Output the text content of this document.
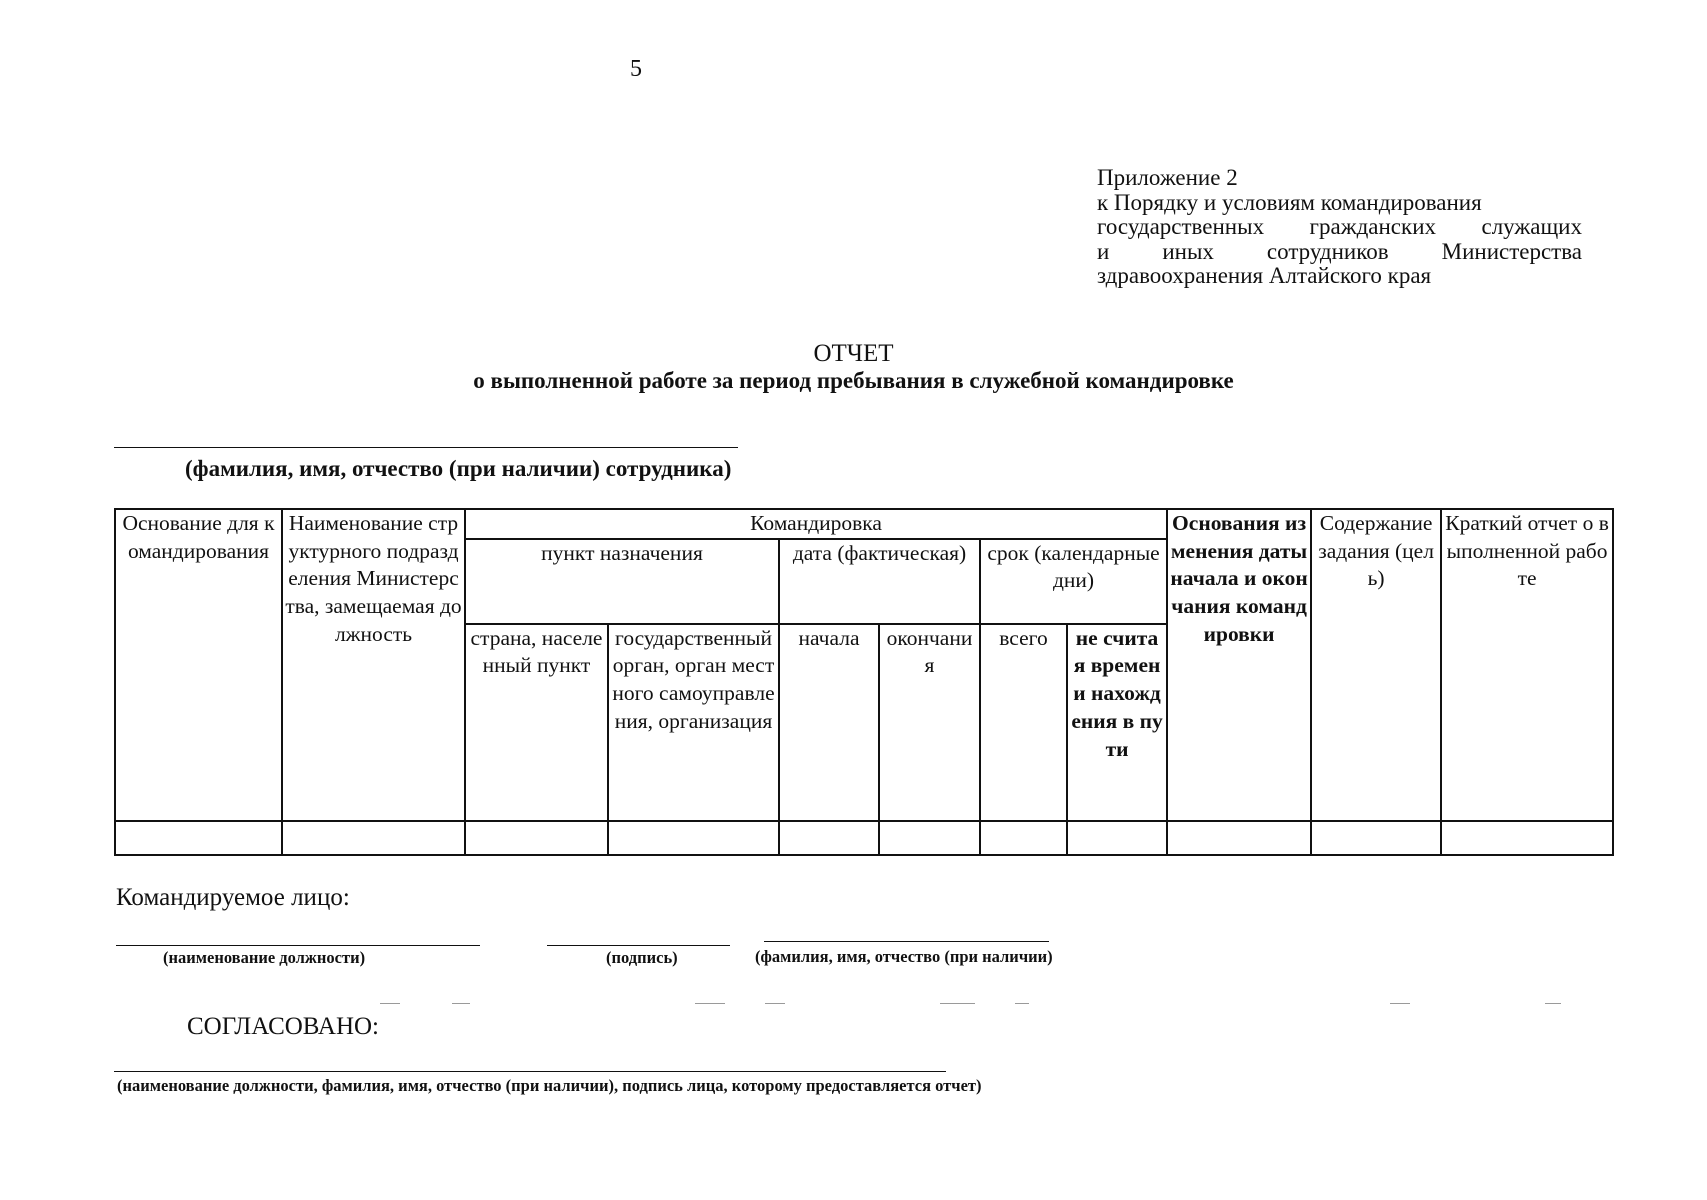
5
Приложение 2
к Порядку и условиям командирования
государственных гражданских служащих
и иных сотрудников Министерства
здравоохранения Алтайского края
ОТЧЕТ
о выполненной работе за период пребывания в служебной командировке
(фамилия, имя, отчество (при наличии) сотрудника)
Основание для командирования	Наименование структурного подразделения Министерства, замещаемая должность	Командировка						Основания изменения даты начала и окончания командировки	Содержание задания (цель)	Краткий отчет о выполненной работе
		пункт назначения		дата (фактическая)		срок (календарные дни)				
		страна, населенный пункт	государственный орган, орган местного самоуправления, организация	начала	окончания	всего	не считая времени нахождения в пути			

Командируемое лицо:
(наименование должности)	(подпись)	(фамилия, имя, отчество (при наличии)
СОГЛАСОВАНО:
(наименование должности, фамилия, имя, отчество (при наличии), подпись лица, которому предоставляется отчет)
